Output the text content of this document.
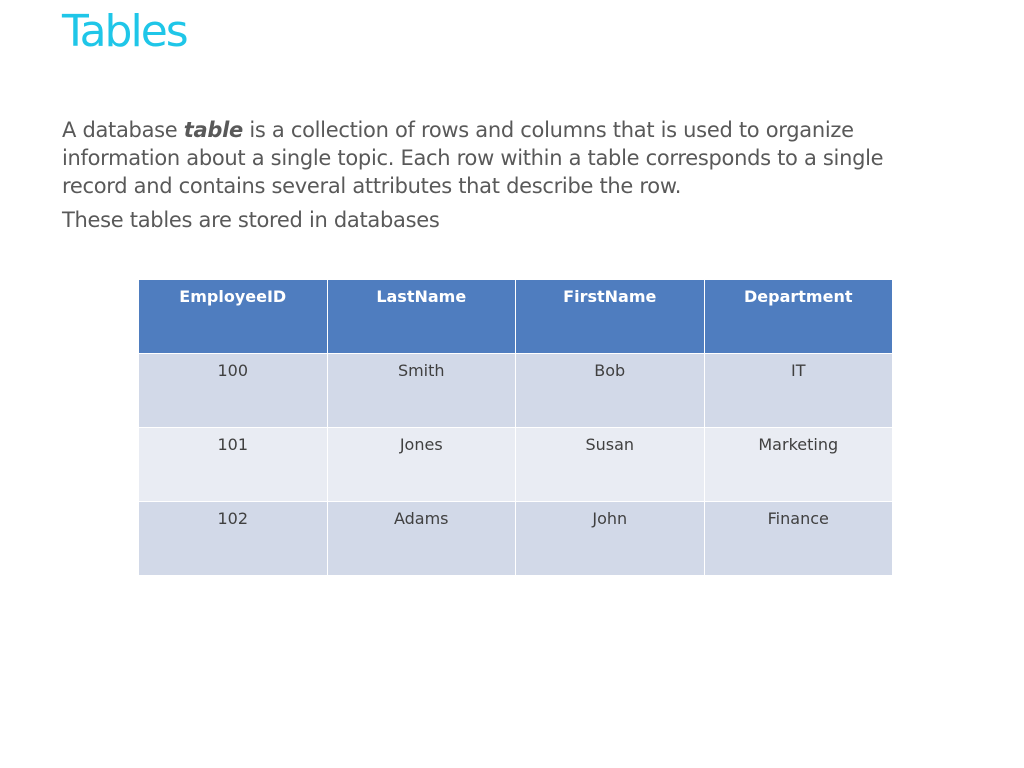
Tables

A database table is a collection of rows and columns that is used to organize information about a single topic. Each row within a table corresponds to a single record and contains several attributes that describe the row.

These tables are stored in databases

EmployeeID	LastName	FirstName	Department
100	Smith	Bob	IT
101	Jones	Susan	Marketing
102	Adams	John	Finance
